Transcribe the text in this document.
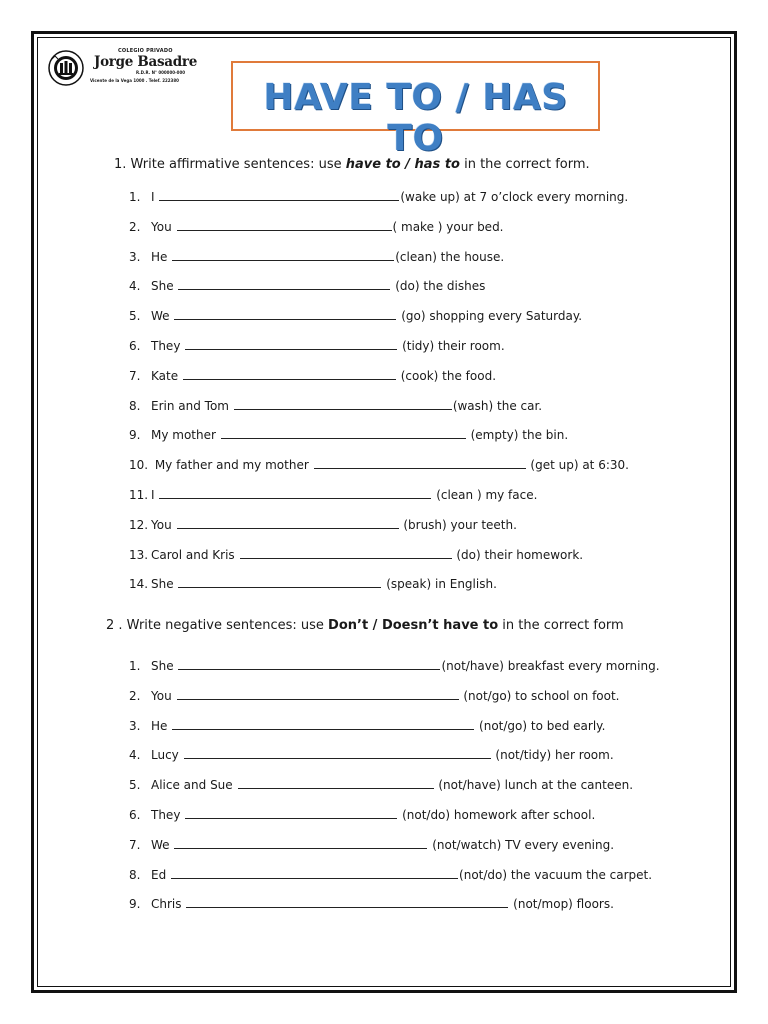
COLEGIO PRIVADO
Jorge Basadre
R.D.R. N° 000000-000
Vicente de la Vega 1000 . Telef. 222380	HAVE TO / HAS TO
1. Write affirmative sentences: use have to / has to in the correct form.
1. I	(wake up) at 7 o’clock every morning.
2. You	( make ) your bed.
3. He	(clean) the house.
4. She	(do) the dishes
5. We	(go) shopping every Saturday.
6. They	(tidy) their room.
7. Kate	(cook) the food.
8. Erin and Tom	(wash) the car.
9. My mother	(empty) the bin.
10. My father and my mother	(get up) at 6:30.
11. I	(clean ) my face.
12. You	(brush) your teeth.
13. Carol and Kris	(do) their homework.
14. She	(speak) in English.
2 . Write negative sentences: use Don’t / Doesn’t have to in the correct form
1. She	(not/have) breakfast every morning.
2. You	(not/go) to school on foot.
3. He	(not/go) to bed early.
4. Lucy	(not/tidy) her room.
5. Alice and Sue	(not/have) lunch at the canteen.
6. They	(not/do) homework after school.
7. We	(not/watch) TV every evening.
8. Ed	(not/do) the vacuum the carpet.
9. Chris	(not/mop) floors.
